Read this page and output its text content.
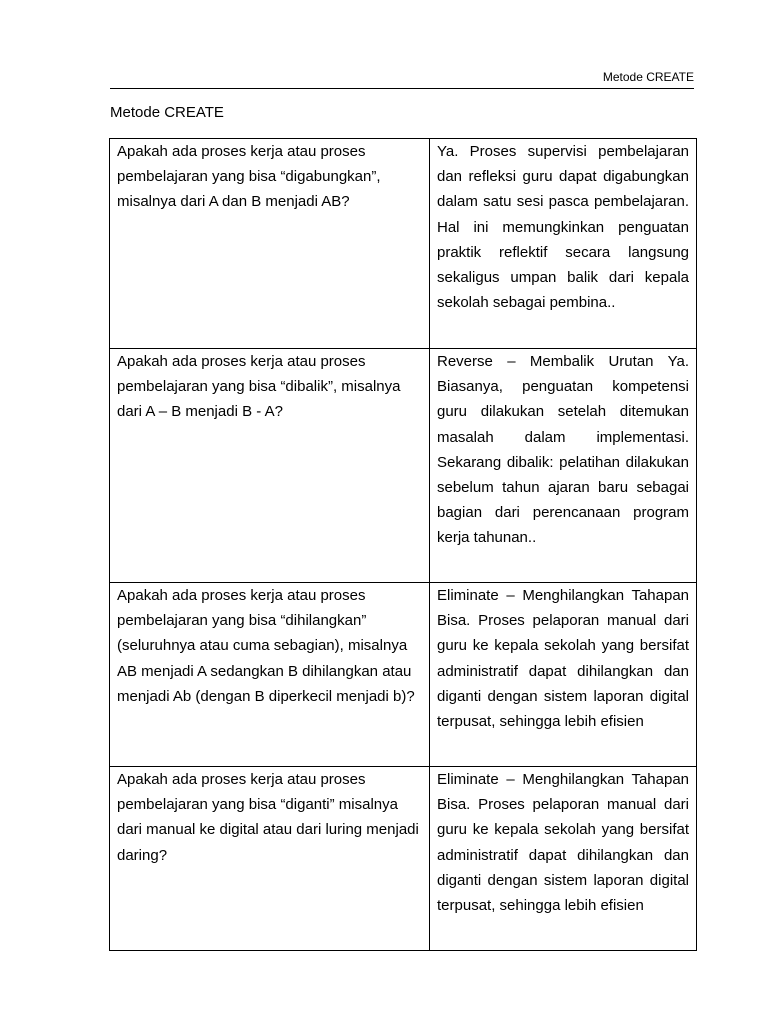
Metode CREATE
Metode CREATE
Apakah ada proses kerja atau proses pembelajaran yang bisa “digabungkan”, misalnya dari A dan B menjadi AB?	Ya. Proses supervisi pembelajaran dan refleksi guru dapat digabungkan dalam satu sesi pasca pembelajaran. Hal ini memungkinkan penguatan praktik reflektif secara langsung sekaligus umpan balik dari kepala sekolah sebagai pembina..
Apakah ada proses kerja atau proses pembelajaran yang bisa “dibalik”, misalnya dari A – B menjadi B - A?	Reverse – Membalik Urutan Ya. Biasanya, penguatan kompetensi guru dilakukan setelah ditemukan masalah dalam implementasi. Sekarang dibalik: pelatihan dilakukan sebelum tahun ajaran baru sebagai bagian dari perencanaan program kerja tahunan..
Apakah ada proses kerja atau proses pembelajaran yang bisa “dihilangkan” (seluruhnya atau cuma sebagian), misalnya AB menjadi A sedangkan B dihilangkan atau menjadi Ab (dengan B diperkecil menjadi b)?	Eliminate – Menghilangkan Tahapan Bisa. Proses pelaporan manual dari guru ke kepala sekolah yang bersifat administratif dapat dihilangkan dan diganti dengan sistem laporan digital terpusat, sehingga lebih efisien
Apakah ada proses kerja atau proses pembelajaran yang bisa “diganti” misalnya dari manual ke digital atau dari luring menjadi daring?	Eliminate – Menghilangkan Tahapan Bisa. Proses pelaporan manual dari guru ke kepala sekolah yang bersifat administratif dapat dihilangkan dan diganti dengan sistem laporan digital terpusat, sehingga lebih efisien
